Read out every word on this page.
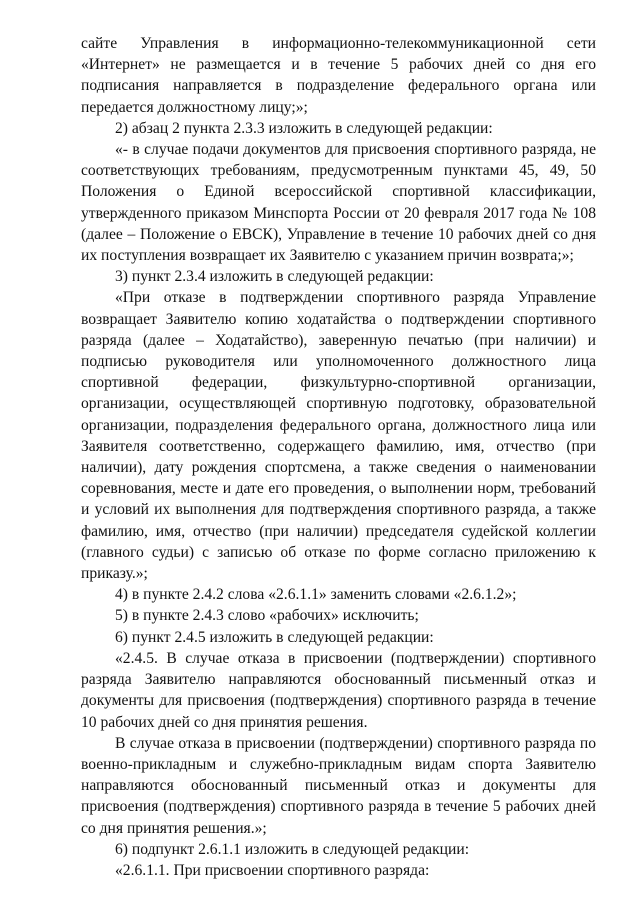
сайте Управления в информационно-телекоммуникационной сети «Интернет» не размещается и в течение 5 рабочих дней со дня его подписания направляется в подразделение федерального органа или передается должностному лицу;»;

2) абзац 2 пункта 2.3.3 изложить в следующей редакции:

«- в случае подачи документов для присвоения спортивного разряда, не соответствующих требованиям, предусмотренным пунктами 45, 49, 50 Положения о Единой всероссийской спортивной классификации, утвержденного приказом Минспорта России от 20 февраля 2017 года № 108 (далее – Положение о ЕВСК), Управление в течение 10 рабочих дней со дня их поступления возвращает их Заявителю с указанием причин возврата;»;

3) пункт 2.3.4 изложить в следующей редакции:

«При отказе в подтверждении спортивного разряда Управление возвращает Заявителю копию ходатайства о подтверждении спортивного разряда (далее – Ходатайство), заверенную печатью (при наличии) и подписью руководителя или уполномоченного должностного лица спортивной федерации, физкультурно-спортивной организации, организации, осуществляющей спортивную подготовку, образовательной организации, подразделения федерального органа, должностного лица или Заявителя соответственно, содержащего фамилию, имя, отчество (при наличии), дату рождения спортсмена, а также сведения о наименовании соревнования, месте и дате его проведения, о выполнении норм, требований и условий их выполнения для подтверждения спортивного разряда, а также фамилию, имя, отчество (при наличии) председателя судейской коллегии (главного судьи) с записью об отказе по форме согласно приложению к приказу.»;

4) в пункте 2.4.2 слова «2.6.1.1» заменить словами «2.6.1.2»;

5) в пункте 2.4.3 слово «рабочих» исключить;

6) пункт 2.4.5 изложить в следующей редакции:

«2.4.5. В случае отказа в присвоении (подтверждении) спортивного разряда Заявителю направляются обоснованный письменный отказ и документы для присвоения (подтверждения) спортивного разряда в течение 10 рабочих дней со дня принятия решения.

В случае отказа в присвоении (подтверждении) спортивного разряда по военно-прикладным и служебно-прикладным видам спорта Заявителю направляются обоснованный письменный отказ и документы для присвоения (подтверждения) спортивного разряда в течение 5 рабочих дней со дня принятия решения.»;

6) подпункт 2.6.1.1 изложить в следующей редакции:

«2.6.1.1. При присвоении спортивного разряда:
